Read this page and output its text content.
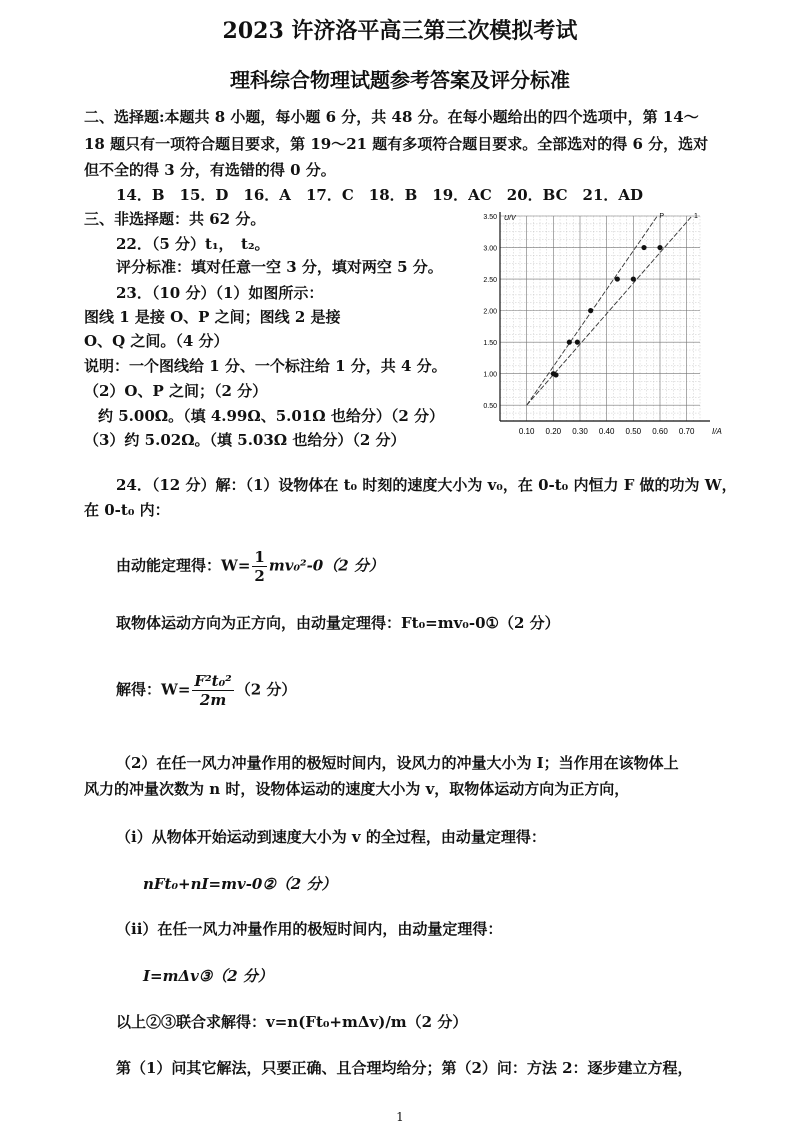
2023 许济洛平高三第三次模拟考试
理科综合物理试题参考答案及评分标准
二、选择题:本题共 8 小题，每小题 6 分，共 48 分。在每小题给出的四个选项中，第 14～
18 题只有一项符合题目要求，第 19～21 题有多项符合题目要求。全部选对的得 6 分，选对
但不全的得 3 分，有选错的得 0 分。
14．B　15．D　16．A　17．C　18．B　19．AC　20．BC　21．AD
三、非选择题：共 62 分。
22．（5 分）t₁，　t₂。
评分标准：填对任意一空 3 分，填对两空 5 分。
23．（10 分）（1）如图所示：
图线 1 是接 O、P 之间；图线 2 是接
O、Q 之间。（4 分）
说明：一个图线给 1 分、一个标注给 1 分，共 4 分。
（2）O、P 之间；（2 分）
约 5.00Ω。（填 4.99Ω、5.01Ω 也给分）（2 分）
（3）约 5.02Ω。（填 5.03Ω 也给分）（2 分）	0.10 0.20 0.30 0.40 0.50 0.60 0.70
0.50
1.00
1.50
2.00
2.50
3.00
3.50
I/A
U/V	P	1
24．（12 分）解：（1）设物体在 t₀ 时刻的速度大小为 v₀，在 0-t₀ 内恒力 F 做的功为 W，
在 0-t₀ 内：
由动能定理得：$W= \frac{1}{2} mv_0^2-0(2$ 分）
取物体运动方向为正方向，由动量定理得：Ft₀=mv₀-0①（2 分）
解得：$W= \frac{\text{F²t₀²}}{2m} (2$ 分）
（2）在任一风力冲量作用的极短时间内，设风力的冲量大小为 I；当作用在该物体上
风力的冲量次数为 n 时，设物体运动的速度大小为 v，取物体运动方向为正方向，
（i）从物体开始运动到速度大小为 v 的全过程，由动量定理得：
nFt₀+nI=mv-0②（2 分）
（ii）在任一风力冲量作用的极短时间内，由动量定理得：
I=mΔv③（2 分）
以上②③联合求解得：v=n(Ft₀+mΔv)/m（2 分）
第（1）问其它解法，只要正确、且合理均给分；第（2）问：方法 2：逐步建立方程，
1
